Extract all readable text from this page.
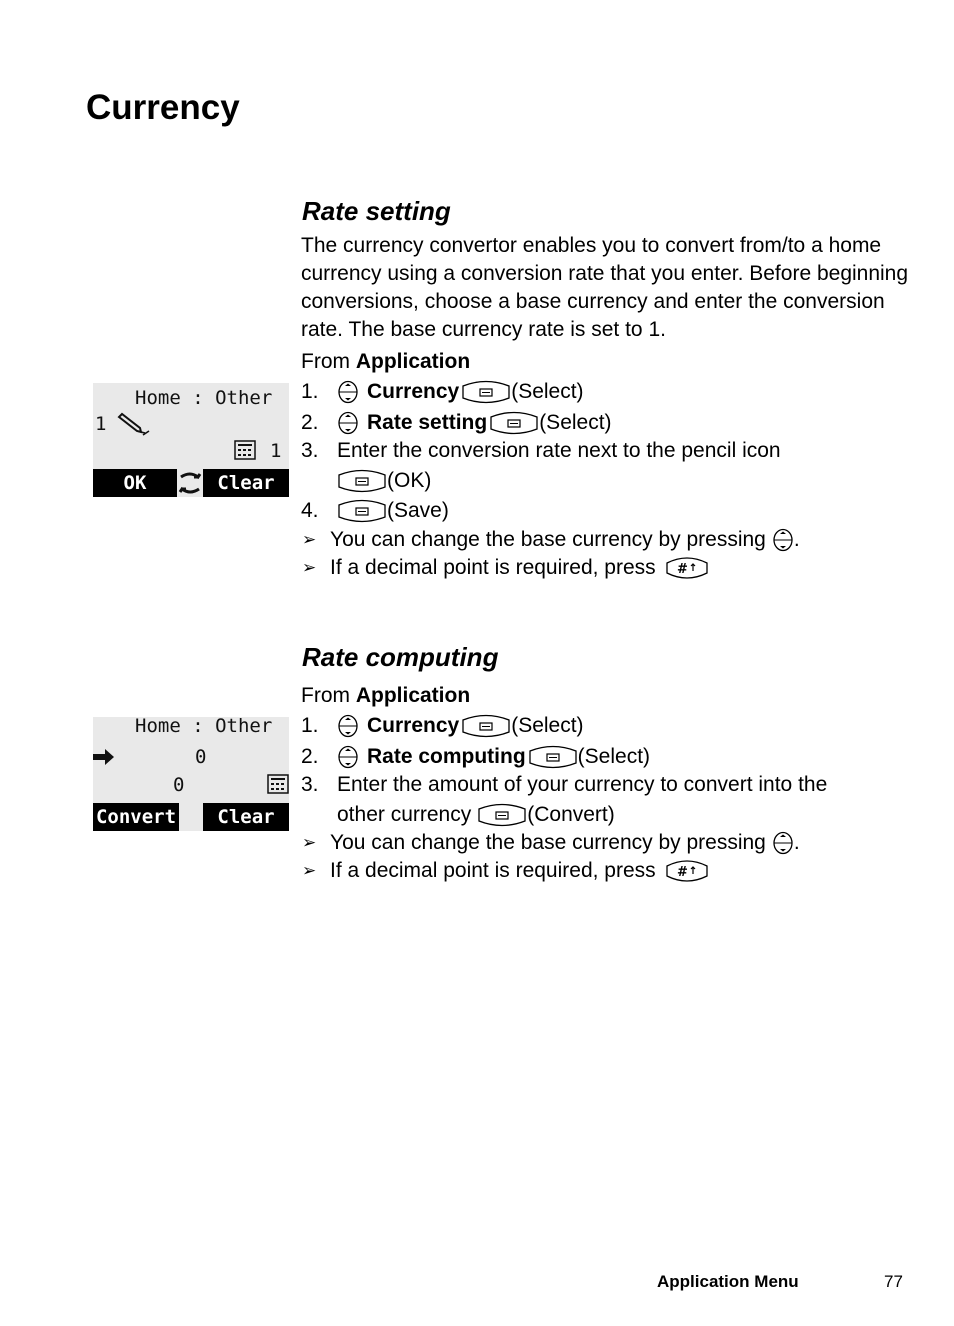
Currency
Rate setting
The currency convertor enables you to convert from/to a home currency using a conversion rate that you enter. Before beginning conversions, choose a base currency and enter the conversion rate. The base currency rate is set to 1.
From Application
1.	Currency (Select)
2.	Rate setting (Select)
3. Enter the conversion rate next to the pencil icon
(OK)
4.	(Save)
➢ You can change the base currency by pressing .
➢ If a decimal point is required, press
Home : Other
1
1
OK	Clear
Rate computing
From Application
1.	Currency (Select)
2.	Rate computing (Select)
3. Enter the amount of your currency to convert into the
other currency	(Convert)
➢ You can change the base currency by pressing .
➢ If a decimal point is required, press
Home : Other
0
0
Convert	Clear
Application Menu	77
